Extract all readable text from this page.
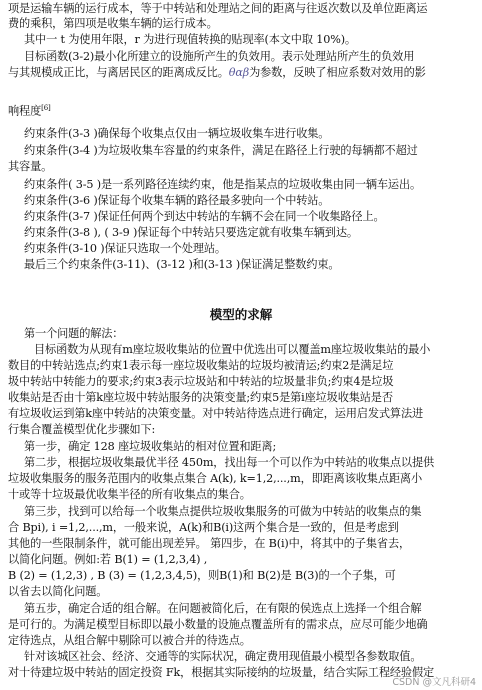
项是运输车辆的运行成本，等于中转站和处理站之间的距离与往返次数以及单位距离运
费的乘积，第四项是收集车辆的运行成本。
其中一 t 为使用年限，r 为进行现值转换的贴现率(本文中取 10%)。
目标函数(3-2)最小化所建立的设施所产生的负效用。表示处理站所产生的负效用
与其规模成正比，与离居民区的距离成反比。θαβ为参数，反映了相应系数对效用的影
响程度[6]
约束条件(3-3 )确保每个收集点仅由一辆垃圾收集车进行收集。
约束条件(3-4 )为垃圾收集车容量的约束条件，满足在路径上行驶的每辆都不超过
其容量。
约束条件( 3-5 )是一系列路径连续约束，他是指某点的垃圾收集由同一辆车运出。
约束条件(3-6 )保证每个收集车辆的路径最多驶向一个中转站。
约束条件(3-7 )保证任何两个到达中转站的车辆不会在同一个收集路径上。
约束条件(3-8 ), ( 3-9 )保证每个中转站只要选定就有收集车辆到达。
约束条件(3-10 )保证只选取一个处理站。
最后三个约束条件(3-11)、(3-12 )和(3-13 )保证满足整数约束。
模型的求解
第一个问题的解法：
目标函数为从现有m座垃圾收集站的位置中优选出可以覆盖m座垃圾收集站的最小
数目的中转站选点;约束1表示每一座垃圾收集站的垃圾均被清运;约束2是满足垃
圾中转站中转能力的要求;约束3表示垃圾站和中转站的垃圾量非负;约束4是垃圾
收集站是否由十第k座垃圾中转站服务的决策变量;约束5是第i座垃圾收集站是否
有垃圾收运到第k座中转站的决策变量。对中转站待选点进行确定，运用启发式算法进
行集合覆盖模型优化步骤如下:
第一步，确定 128 座垃圾收集站的相对位置和距离;
第二步，根据垃圾收集最优半径 450m，找出每一个可以作为中转站的收集点以提供
垃圾收集服务的服务范围内的收集点集合 A(k), k=1,2,...,m，即距离该收集点距离小
十或等十垃圾最优收集半径的所有收集点的集合。
第三步，找到可以给每一个收集点提供垃圾收集服务的可做为中转站的收集点的集
合 Bpi), i =1,2,...,m，一般来说，A(k)和B(i)这两个集合是一致的，但是考虑到
其他的一些限制条件，就可能出现差异。 第四步，在 B(i)中，将其中的子集省去，
以简化问题。例如:若 B(1) = (1,2,3,4) ,
B (2) = (1,2,3) , B (3) = (1,2,3,4,5)，则B(1)和 B(2)是 B(3)的一个子集，可
以省去以简化问题。
第五步，确定合适的组合解。在问题被简化后，在有限的侯选点上选择一个组合解
是可行的。为满足模型目标即以最小数量的设施点覆盖所有的需求点，应尽可能少地确
定待选点，从组合解中剔除可以被合并的待选点。
针对该城区社会、经济、交通等的实际状况，确定费用现值最小模型各参数取值。
对十待建垃圾中转站的固定投资 Fk，根据其实际接纳的垃圾量，结合实际工程经验假定
CSDN @文凡科研4
